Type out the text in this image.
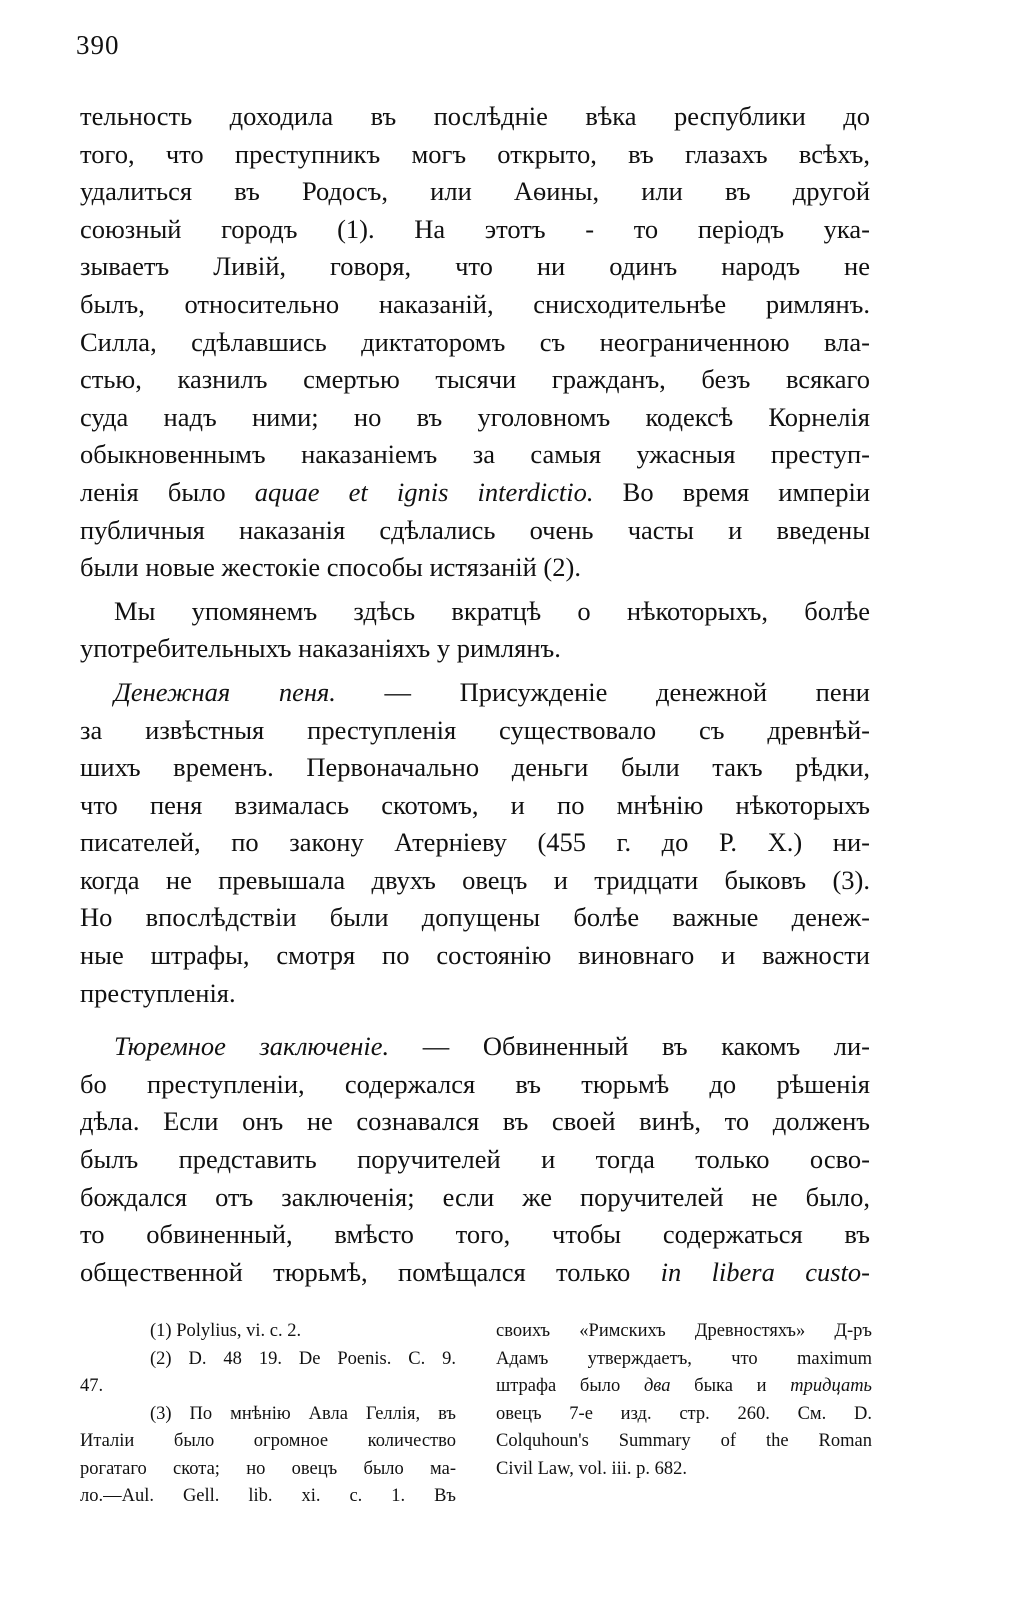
390
тельность доходила въ послѣдніе вѣка республики до
того, что преступникъ могъ открыто, въ глазахъ всѣхъ,
удалиться въ Родосъ, или Аѳины, или въ другой
союзный городъ (1). На этотъ - то періодъ ука-
зываетъ Ливій, говоря, что ни одинъ народъ не
былъ, относительно наказаній, снисходительнѣе римлянъ.
Силла, сдѣлавшись диктаторомъ съ неограниченною вла-
стью, казнилъ смертью тысячи гражданъ, безъ всякаго
суда надъ ними; но въ уголовномъ кодексѣ Корнелія
обыкновеннымъ наказаніемъ за самыя ужасныя преступ-
ленія было aquae et ignis interdictio. Во время имперіи
публичныя наказанія сдѣлались очень часты и введены
были новые жестокіе способы истязаній (2).
Мы упомянемъ здѣсь вкратцѣ о нѣкоторыхъ, болѣе
употребительныхъ наказаніяхъ у римлянъ.
Денежная пеня. — Присужденіе денежной пени
за извѣстныя преступленія существовало съ древнѣй-
шихъ временъ. Первоначально деньги были такъ рѣдки,
что пеня взималась скотомъ, и по мнѣнію нѣкоторыхъ
писателей, по закону Атерніеву (455 г. до Р. Х.) ни-
когда не превышала двухъ овецъ и тридцати быковъ (3).
Но впослѣдствіи были допущены болѣе важные денеж-
ные штрафы, смотря по состоянію виновнаго и важности
преступленія.
Тюремное заключеніе. — Обвиненный въ какомъ ли-
бо преступленіи, содержался въ тюрьмѣ до рѣшенія
дѣла. Если онъ не сознавался въ своей винѣ, то долженъ
былъ представить поручителей и тогда только осво-
бождался отъ заключенія; если же поручителей не было,
то обвиненный, вмѣсто того, чтобы содержаться въ
общественной тюрьмѣ, помѣщался только in libera custo-
(1) Polylius, vi. c. 2.
(2) D. 48 19. De Poenis. C. 9.
47.
(3) По мнѣнію Авла Геллія, въ
Италіи было огромное количество
рогатаго скота; но овецъ было ма-
ло.—Aul. Gell. lib. xi. c. 1. Въ
своихъ «Римскихъ Древностяхъ» Д-ръ
Адамъ утверждаетъ, что maximum
штрафа было два быка и тридцать
овецъ 7-е изд. стр. 260. См. D.
Colquhoun's Summary of the Roman
Civil Law, vol. iii. p. 682.
